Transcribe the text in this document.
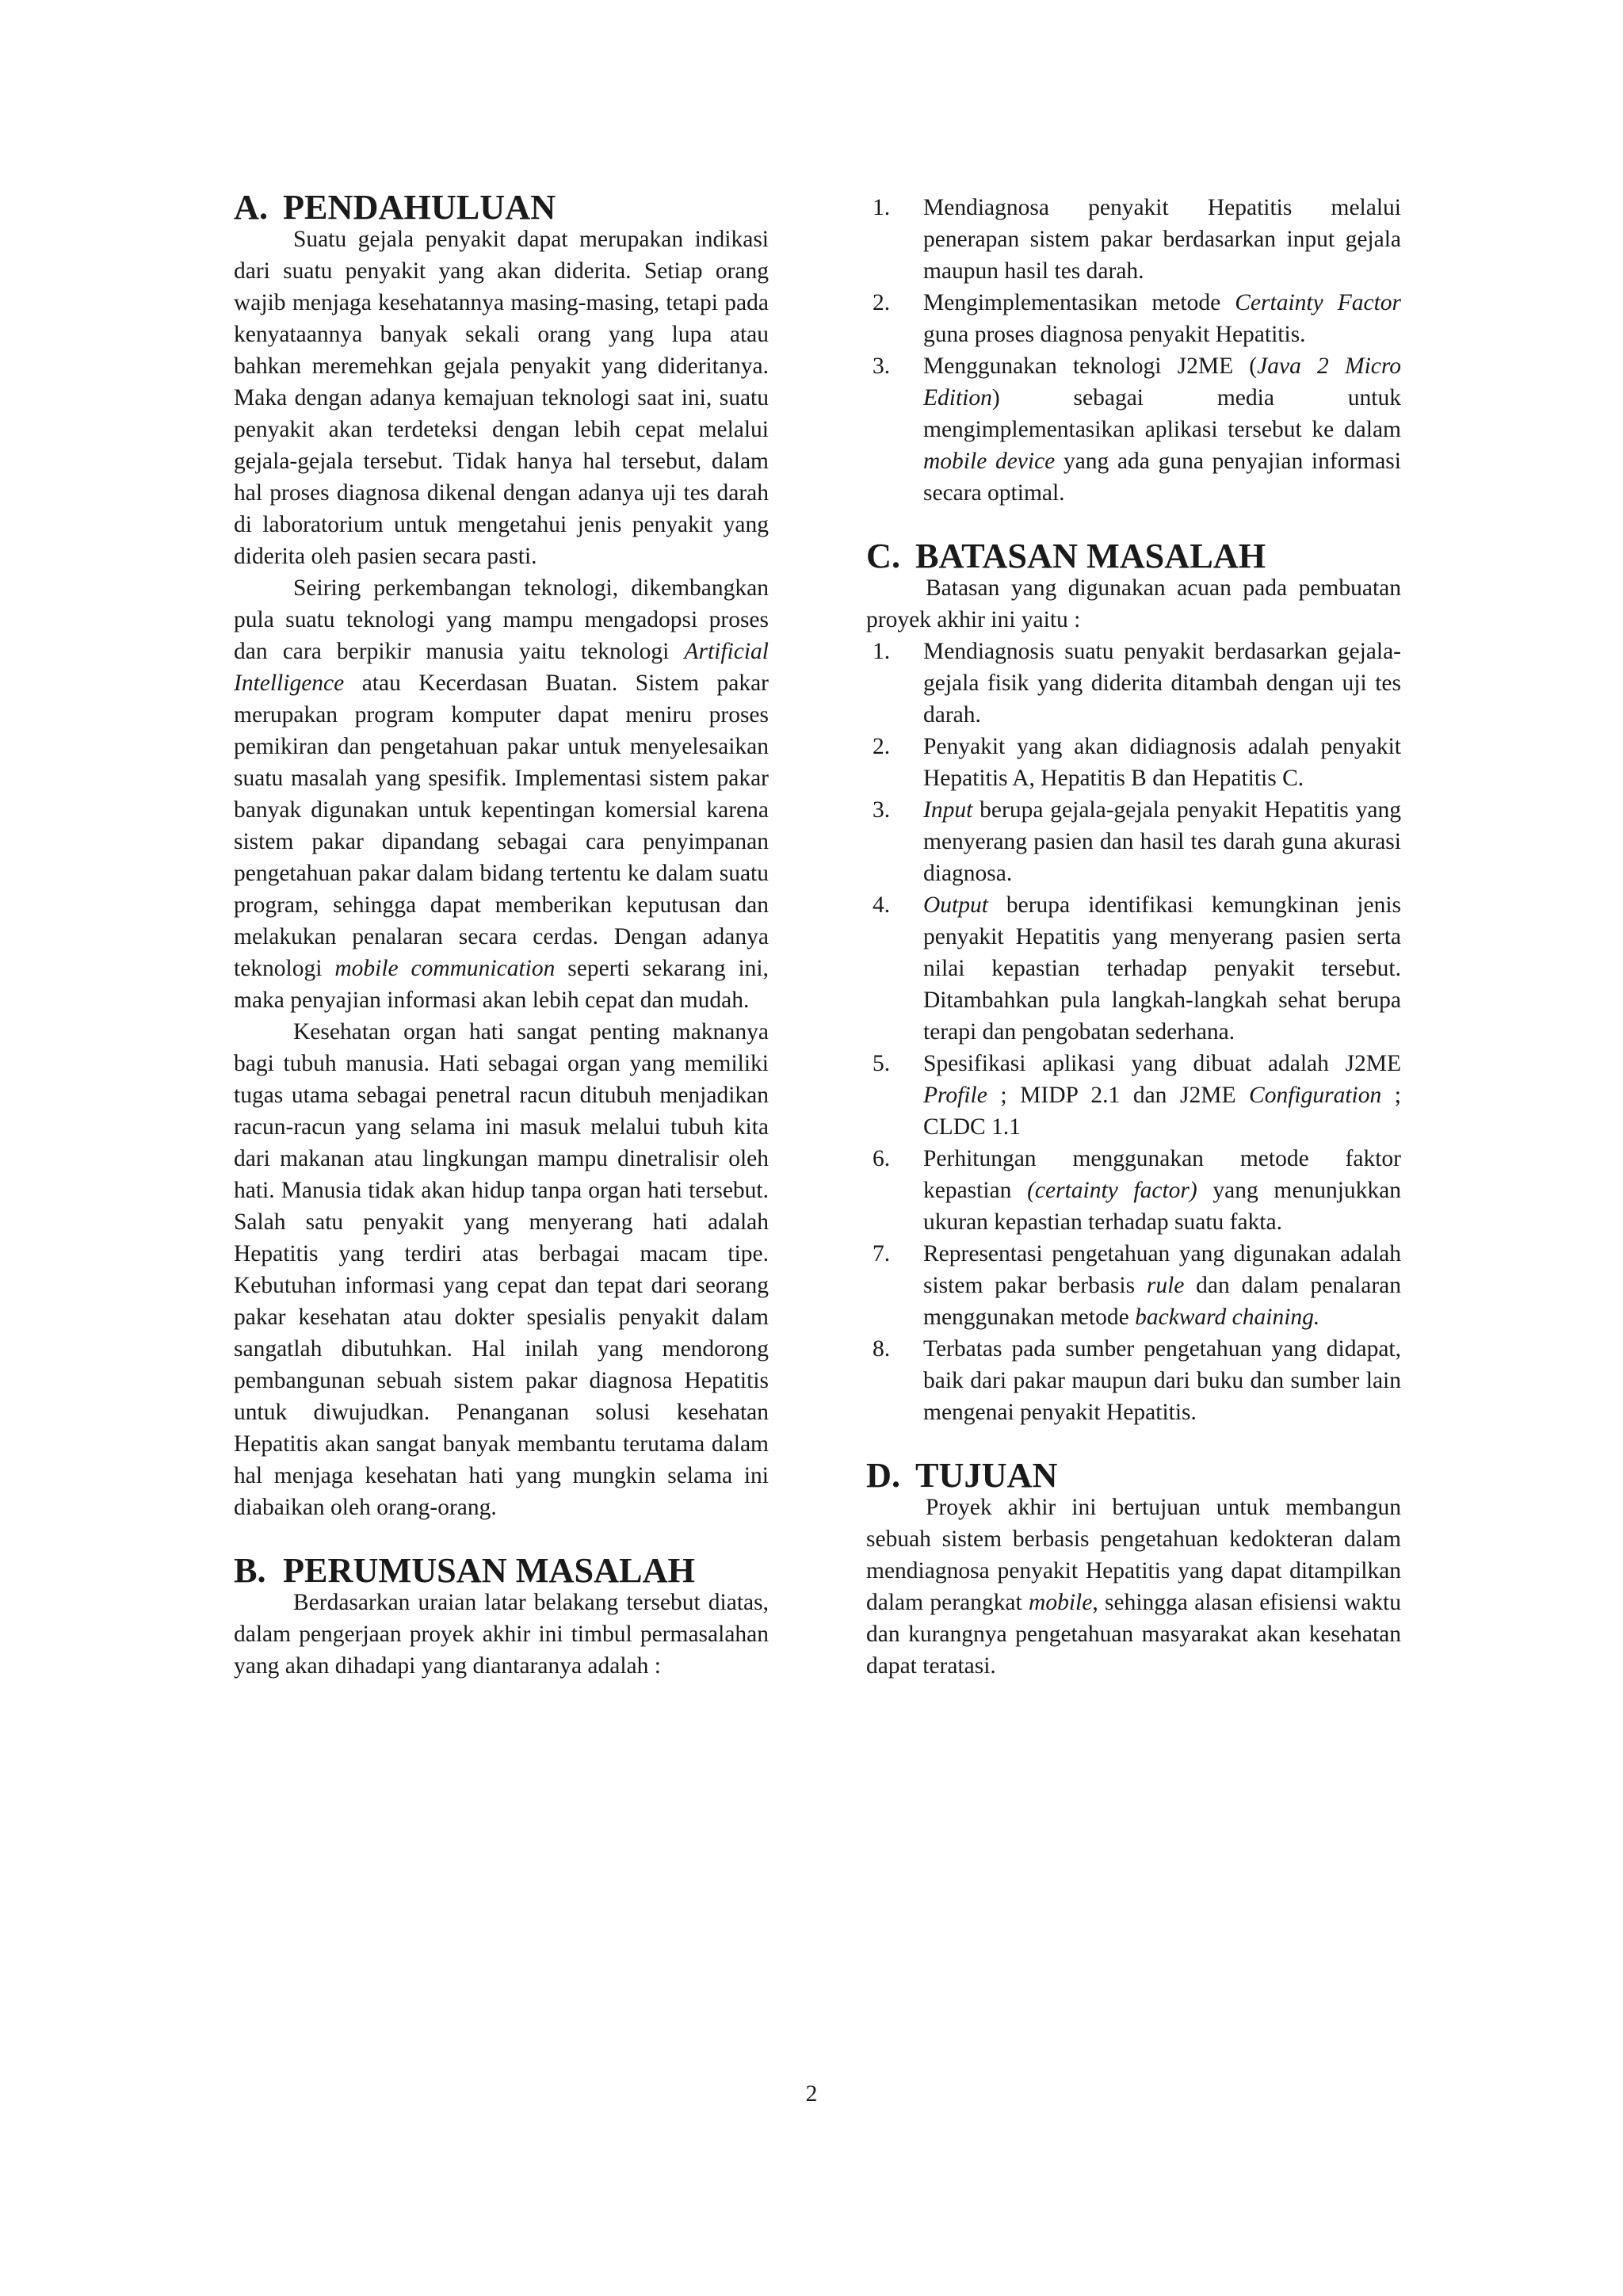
A. PENDAHULUAN

Suatu gejala penyakit dapat merupakan indikasi dari suatu penyakit yang akan diderita. Setiap orang wajib menjaga kesehatannya masing-masing, tetapi pada kenyataannya banyak sekali orang yang lupa atau bahkan meremehkan gejala penyakit yang dideritanya. Maka dengan adanya kemajuan teknologi saat ini, suatu penyakit akan terdeteksi dengan lebih cepat melalui gejala-gejala tersebut. Tidak hanya hal tersebut, dalam hal proses diagnosa dikenal dengan adanya uji tes darah di laboratorium untuk mengetahui jenis penyakit yang diderita oleh pasien secara pasti.

Seiring perkembangan teknologi, dikembangkan pula suatu teknologi yang mampu mengadopsi proses dan cara berpikir manusia yaitu teknologi Artificial Intelligence atau Kecerdasan Buatan. Sistem pakar merupakan program komputer dapat meniru proses pemikiran dan pengetahuan pakar untuk menyelesaikan suatu masalah yang spesifik. Implementasi sistem pakar banyak digunakan untuk kepentingan komersial karena sistem pakar dipandang sebagai cara penyimpanan pengetahuan pakar dalam bidang tertentu ke dalam suatu program, sehingga dapat memberikan keputusan dan melakukan penalaran secara cerdas. Dengan adanya teknologi mobile communication seperti sekarang ini, maka penyajian informasi akan lebih cepat dan mudah.

Kesehatan organ hati sangat penting maknanya bagi tubuh manusia. Hati sebagai organ yang memiliki tugas utama sebagai penetral racun ditubuh menjadikan racun-racun yang selama ini masuk melalui tubuh kita dari makanan atau lingkungan mampu dinetralisir oleh hati. Manusia tidak akan hidup tanpa organ hati tersebut. Salah satu penyakit yang menyerang hati adalah Hepatitis yang terdiri atas berbagai macam tipe. Kebutuhan informasi yang cepat dan tepat dari seorang pakar kesehatan atau dokter spesialis penyakit dalam sangatlah dibutuhkan. Hal inilah yang mendorong pembangunan sebuah sistem pakar diagnosa Hepatitis untuk diwujudkan. Penanganan solusi kesehatan Hepatitis akan sangat banyak membantu terutama dalam hal menjaga kesehatan hati yang mungkin selama ini diabaikan oleh orang-orang.

B. PERUMUSAN MASALAH

Berdasarkan uraian latar belakang tersebut diatas, dalam pengerjaan proyek akhir ini timbul permasalahan yang akan dihadapi yang diantaranya adalah :

1. Mendiagnosa penyakit Hepatitis melalui penerapan sistem pakar berdasarkan input gejala maupun hasil tes darah.
2. Mengimplementasikan metode Certainty Factor guna proses diagnosa penyakit Hepatitis.
3. Menggunakan teknologi J2ME (Java 2 Micro Edition) sebagai media untuk mengimplementasikan aplikasi tersebut ke dalam mobile device yang ada guna penyajian informasi secara optimal.
C. BATASAN MASALAH

Batasan yang digunakan acuan pada pembuatan proyek akhir ini yaitu :

1. Mendiagnosis suatu penyakit berdasarkan gejala-gejala fisik yang diderita ditambah dengan uji tes darah.
2. Penyakit yang akan didiagnosis adalah penyakit Hepatitis A, Hepatitis B dan Hepatitis C.
3. Input berupa gejala-gejala penyakit Hepatitis yang menyerang pasien dan hasil tes darah guna akurasi diagnosa.
4. Output berupa identifikasi kemungkinan jenis penyakit Hepatitis yang menyerang pasien serta nilai kepastian terhadap penyakit tersebut. Ditambahkan pula langkah-langkah sehat berupa terapi dan pengobatan sederhana.
5. Spesifikasi aplikasi yang dibuat adalah J2ME Profile ; MIDP 2.1 dan J2ME Configuration ; CLDC 1.1
6. Perhitungan menggunakan metode faktor kepastian (certainty factor) yang menunjukkan ukuran kepastian terhadap suatu fakta.
7. Representasi pengetahuan yang digunakan adalah sistem pakar berbasis rule dan dalam penalaran menggunakan metode backward chaining.
8. Terbatas pada sumber pengetahuan yang didapat, baik dari pakar maupun dari buku dan sumber lain mengenai penyakit Hepatitis.
D. TUJUAN

Proyek akhir ini bertujuan untuk membangun sebuah sistem berbasis pengetahuan kedokteran dalam mendiagnosa penyakit Hepatitis yang dapat ditampilkan dalam perangkat mobile, sehingga alasan efisiensi waktu dan kurangnya pengetahuan masyarakat akan kesehatan dapat teratasi.

2
